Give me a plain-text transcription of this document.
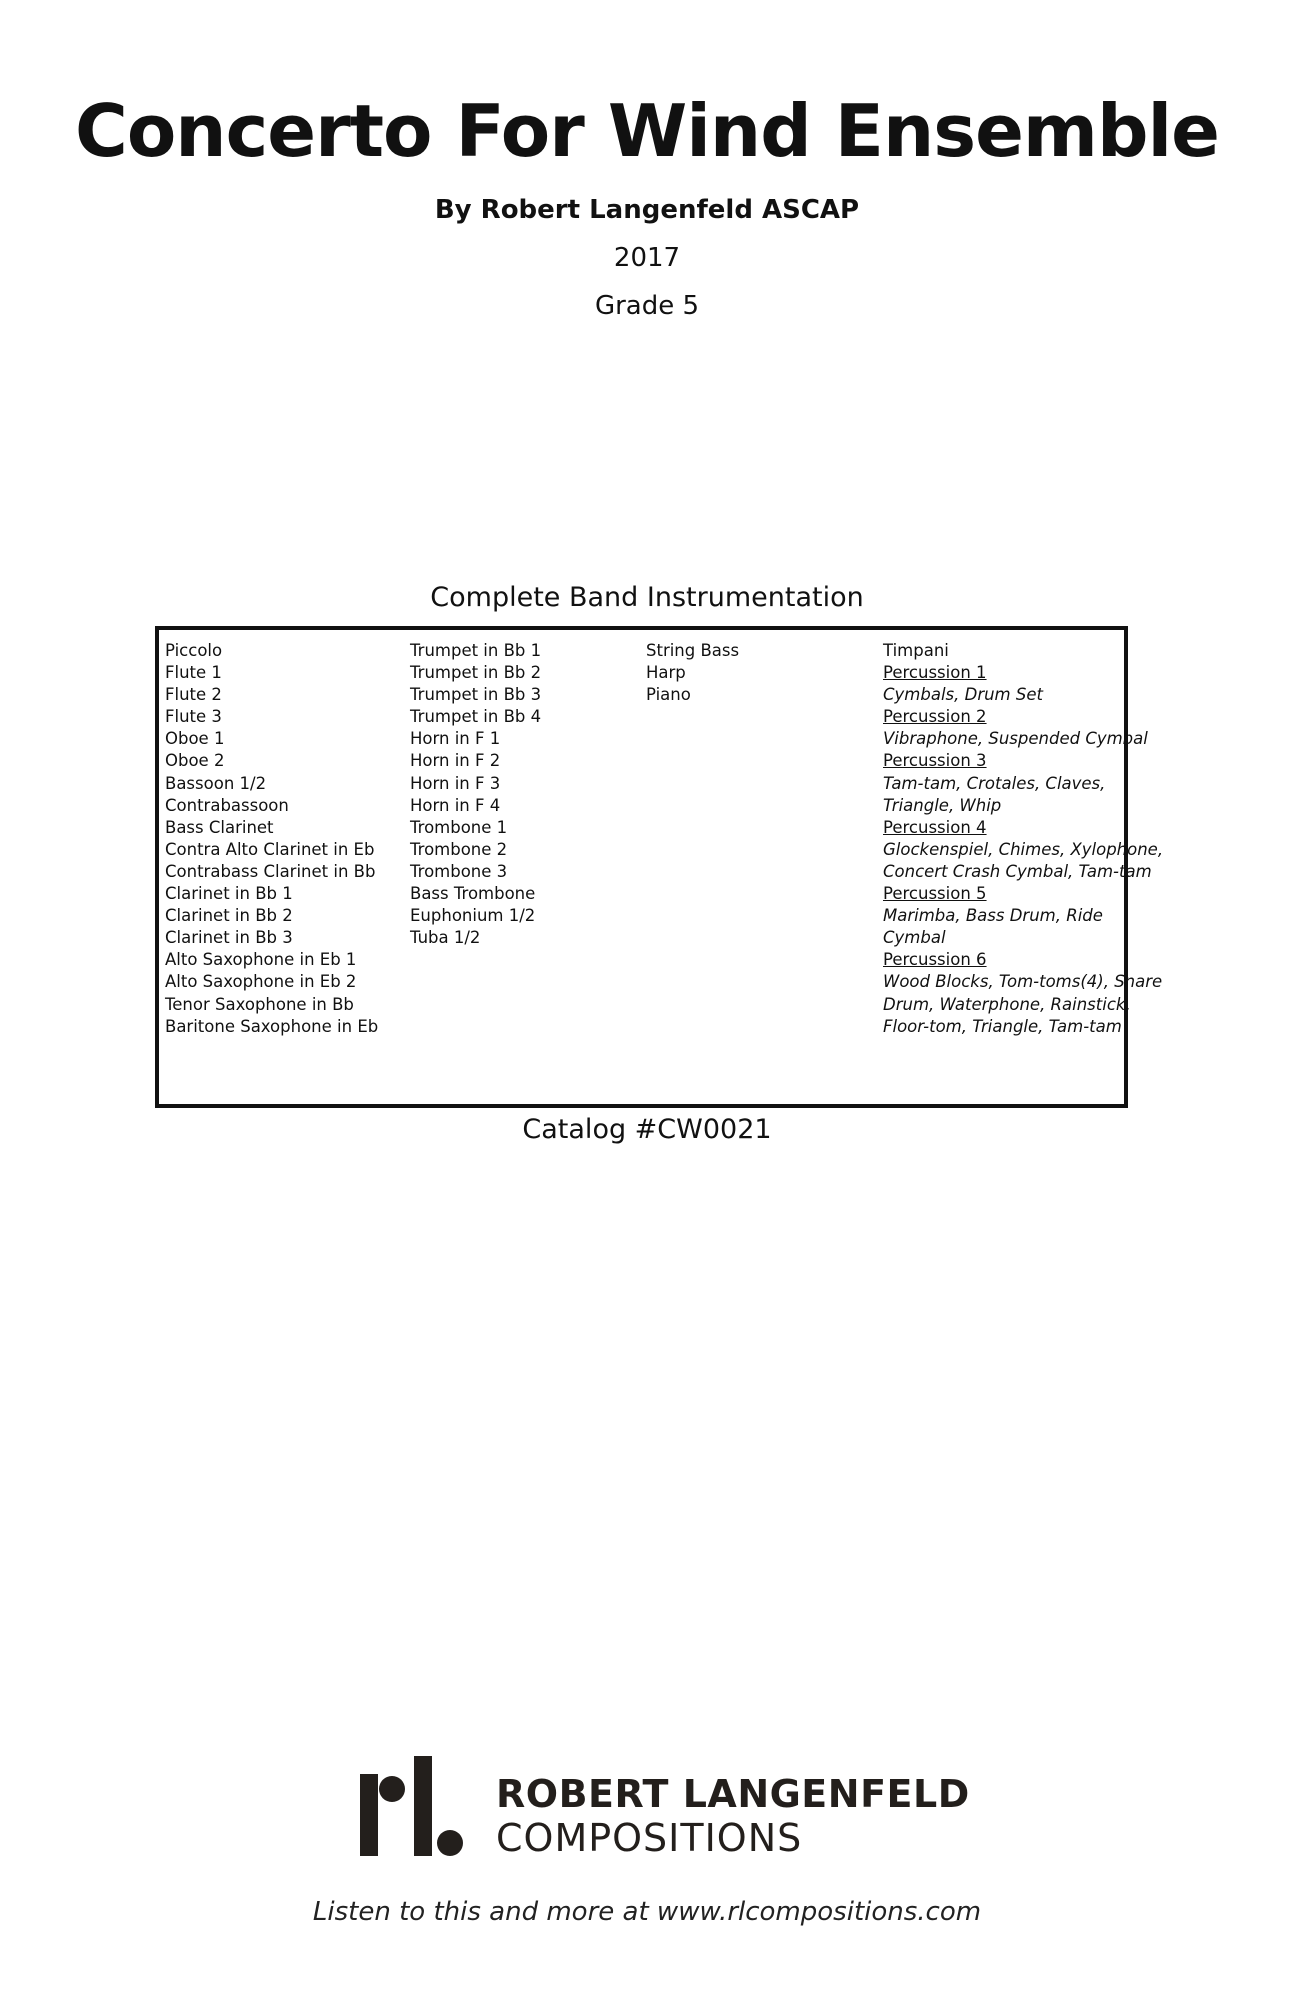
Concerto For Wind Ensemble
By Robert Langenfeld ASCAP
2017
Grade 5
Complete Band Instrumentation
Piccolo
Flute 1
Flute 2
Flute 3
Oboe 1
Oboe 2
Bassoon 1/2
Contrabassoon
Bass Clarinet
Contra Alto Clarinet in Eb
Contrabass Clarinet in Bb
Clarinet in Bb 1
Clarinet in Bb 2
Clarinet in Bb 3
Alto Saxophone in Eb 1
Alto Saxophone in Eb 2
Tenor Saxophone in Bb
Baritone Saxophone in Eb
Trumpet in Bb 1
Trumpet in Bb 2
Trumpet in Bb 3
Trumpet in Bb 4
Horn in F 1
Horn in F 2
Horn in F 3
Horn in F 4
Trombone 1
Trombone 2
Trombone 3
Bass Trombone
Euphonium 1/2
Tuba 1/2
String Bass
Harp
Piano
Timpani
Percussion 1
Cymbals, Drum Set
Percussion 2
Vibraphone, Suspended Cymbal
Percussion 3
Tam-tam, Crotales, Claves,
Triangle, Whip
Percussion 4
Glockenspiel, Chimes, Xylophone,
Concert Crash Cymbal, Tam-tam
Percussion 5
Marimba, Bass Drum, Ride
Cymbal
Percussion 6
Wood Blocks, Tom-toms(4), Snare
Drum, Waterphone, Rainstick,
Floor-tom, Triangle, Tam-tam
Catalog #CW0021
ROBERT LANGENFELD
COMPOSITIONS
Listen to this and more at www.rlcompositions.com
